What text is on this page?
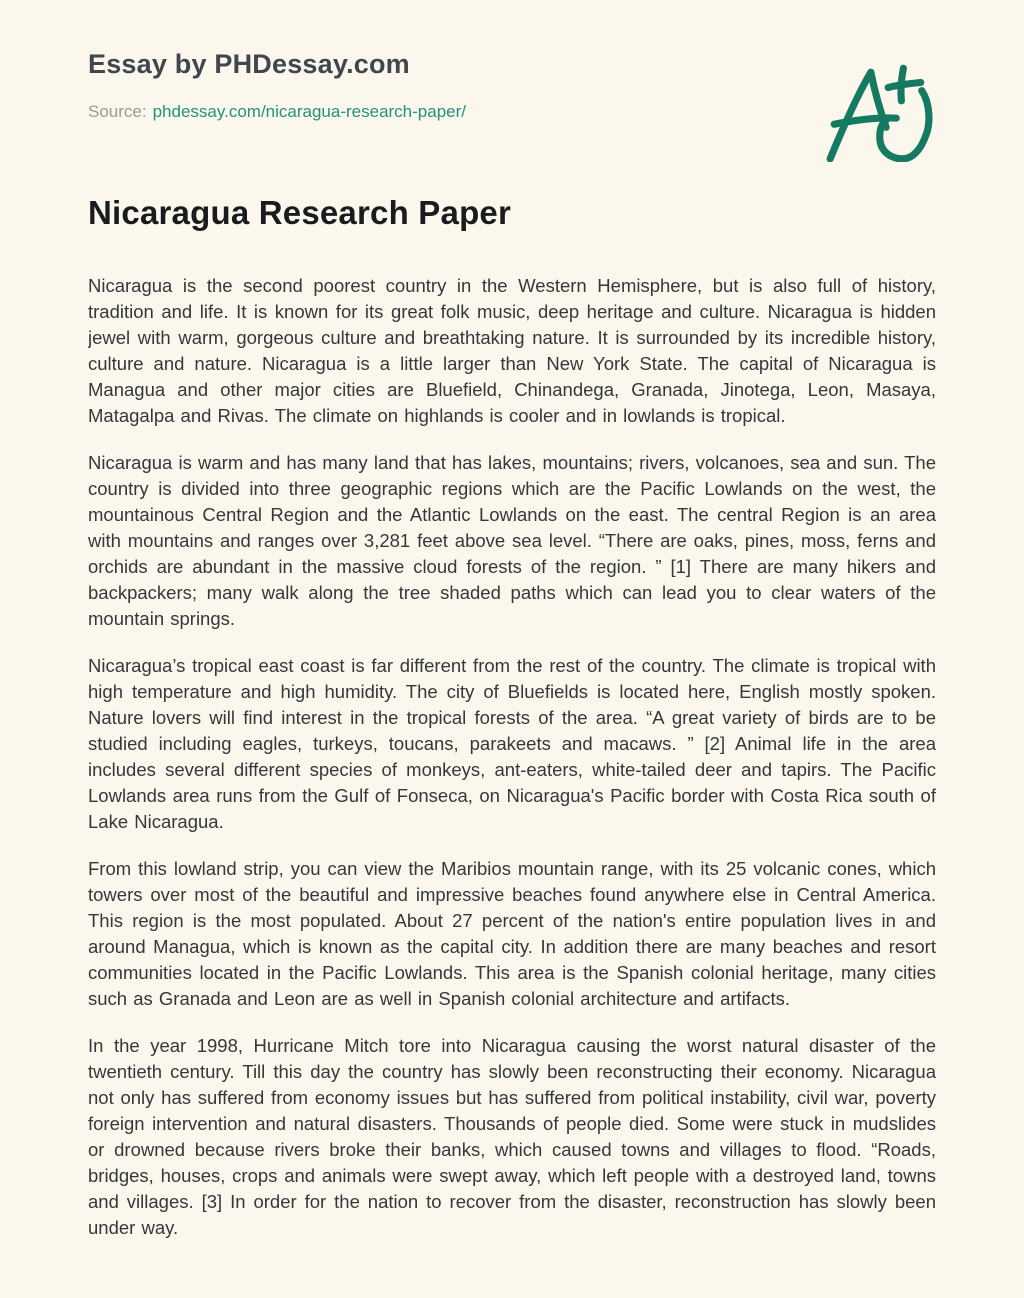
Essay by PHDessay.com
Source: phdessay.com/nicaragua-research-paper/
Nicaragua Research Paper

Nicaragua is the second poorest country in the Western Hemisphere, but is also full of history, tradition and life. It is known for its great folk music, deep heritage and culture. Nicaragua is hidden jewel with warm, gorgeous culture and breathtaking nature. It is surrounded by its incredible history, culture and nature. Nicaragua is a little larger than New York State. The capital of Nicaragua is Managua and other major cities are Bluefield, Chinandega, Granada, Jinotega, Leon, Masaya, Matagalpa and Rivas. The climate on highlands is cooler and in lowlands is tropical.

Nicaragua is warm and has many land that has lakes, mountains; rivers, volcanoes, sea and sun. The country is divided into three geographic regions which are the Pacific Lowlands on the west, the mountainous Central Region and the Atlantic Lowlands on the east. The central Region is an area with mountains and ranges over 3,281 feet above sea level. “There are oaks, pines, moss, ferns and orchids are abundant in the massive cloud forests of the region. ” [1] There are many hikers and backpackers; many walk along the tree shaded paths which can lead you to clear waters of the mountain springs.

Nicaragua’s tropical east coast is far different from the rest of the country. The climate is tropical with high temperature and high humidity. The city of Bluefields is located here, English mostly spoken. Nature lovers will find interest in the tropical forests of the area. “A great variety of birds are to be studied including eagles, turkeys, toucans, parakeets and macaws. ” [2] Animal life in the area includes several different species of monkeys, ant-eaters, white-tailed deer and tapirs. The Pacific Lowlands area runs from the Gulf of Fonseca, on Nicaragua's Pacific border with Costa Rica south of Lake Nicaragua.

From this lowland strip, you can view the Maribios mountain range, with its 25 volcanic cones, which towers over most of the beautiful and impressive beaches found anywhere else in Central America. This region is the most populated. About 27 percent of the nation's entire population lives in and around Managua, which is known as the capital city. In addition there are many beaches and resort communities located in the Pacific Lowlands. This area is the Spanish colonial heritage, many cities such as Granada and Leon are as well in Spanish colonial architecture and artifacts.

In the year 1998, Hurricane Mitch tore into Nicaragua causing the worst natural disaster of the twentieth century. Till this day the country has slowly been reconstructing their economy. Nicaragua not only has suffered from economy issues but has suffered from political instability, civil war, poverty foreign intervention and natural disasters. Thousands of people died. Some were stuck in mudslides or drowned because rivers broke their banks, which caused towns and villages to flood. “Roads, bridges, houses, crops and animals were swept away, which left people with a destroyed land, towns and villages. [3] In order for the nation to recover from the disaster, reconstruction has slowly been under way.
